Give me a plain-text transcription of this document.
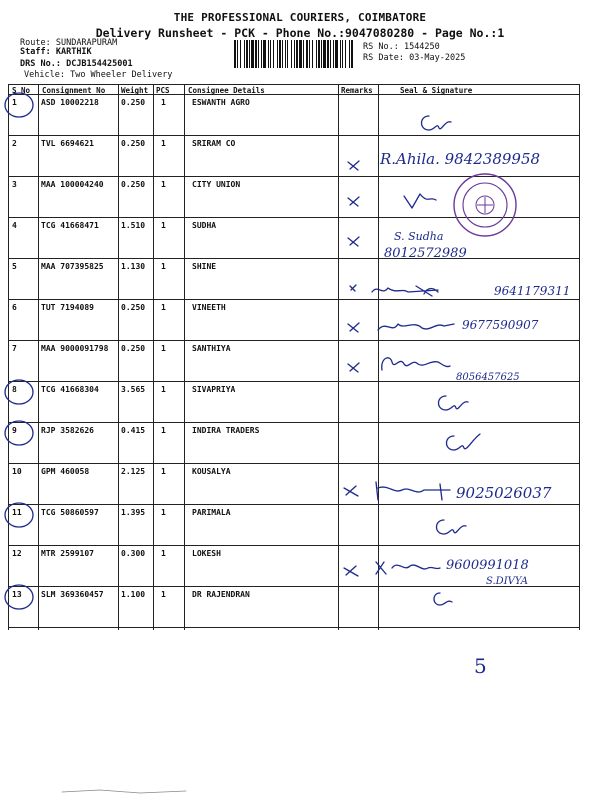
THE PROFESSIONAL COURIERS, COIMBATORE
Delivery Runsheet - PCK - Phone No.:9047080280 - Page No.:1
Route: SUNDARAPURAM
Staff: KARTHIK
DRS No.: DCJB154425001
Vehicle: Two Wheeler Delivery
RS No.: 1544250
RS Date: 03-May-2025
S No Consignment No Weight PCS Consignee Details	Remarks	Seal & Signature
1	ASD 10002218	0.250 1	ESWANTH AGRO
2	TVL 6694621	0.250 1	SRIRAM CO
3	MAA 100004240 0.250 1	CITY UNION
4	TCG 41668471	1.510 1	SUDHA
5	MAA 707395825 1.130 1	SHINE
6	TUT 7194089	0.250 1	VINEETH
7	MAA 9000091798 0.250 1	SANTHIYA
8	TCG 41668304	3.565 1	SIVAPRIYA
9	RJP 3582626	0.415 1	INDIRA TRADERS
10 GPM 460058	2.125 1	KOUSALYA
11 TCG 50860597	1.395 1	PARIMALA
12 MTR 2599107	0.300 1	LOKESH
13 SLM 369360457 1.100 1	DR RAJENDRAN
R.Ahila. 9842389958
S. Sudha
8012572989
9641179311
9677590907
8056457625
9025026037
9600991018
S.DIVYA
5
